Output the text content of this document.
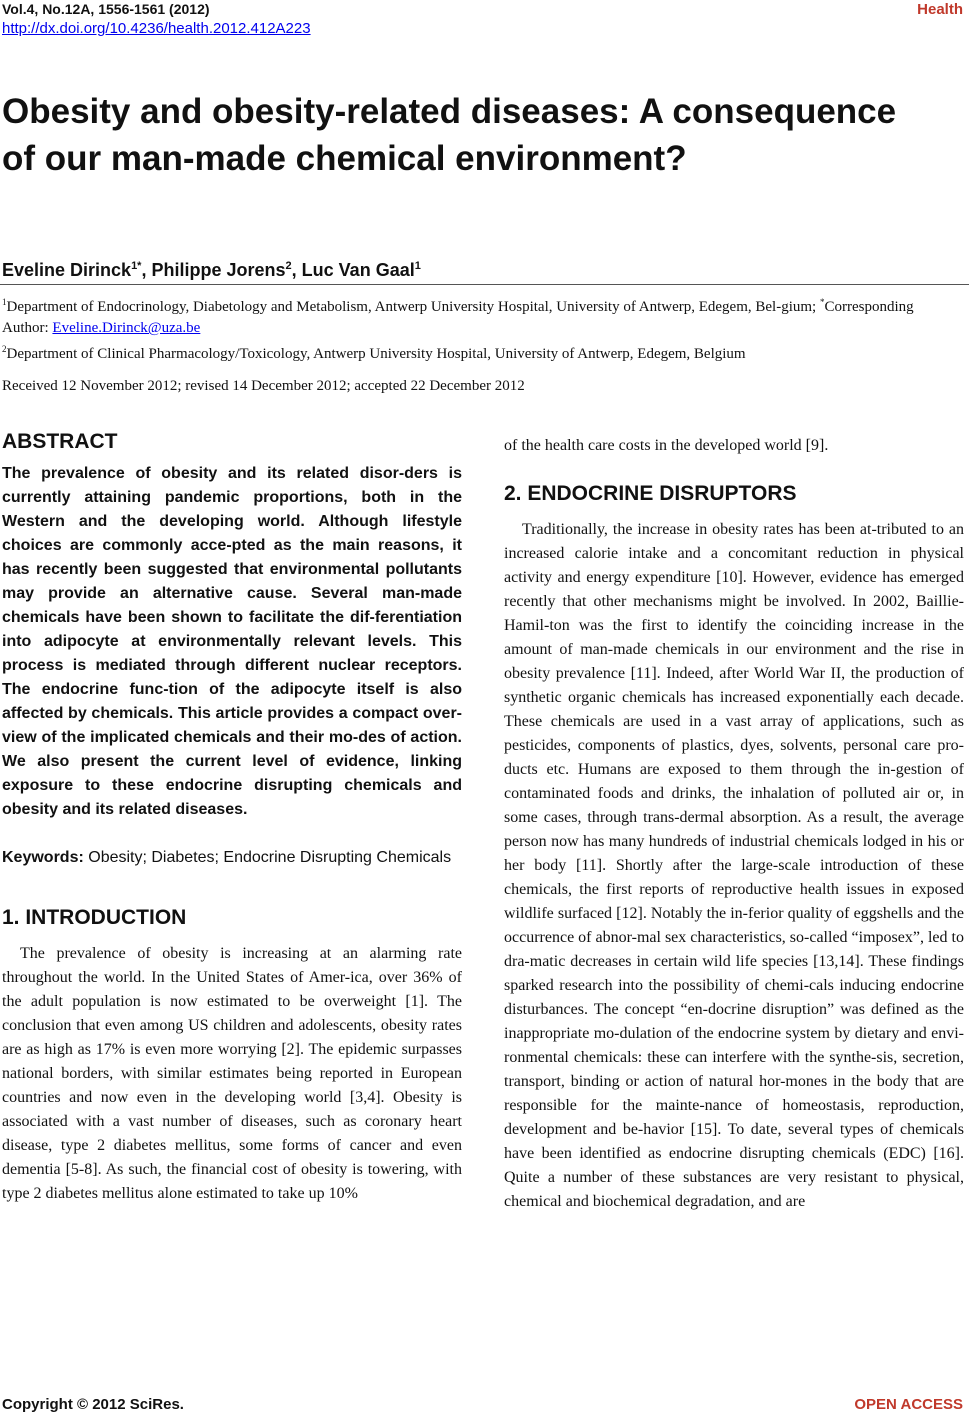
Vol.4, No.12A, 1556-1561 (2012)
http://dx.doi.org/10.4236/health.2012.412A223
Health
Obesity and obesity-related diseases: A consequence of our man-made chemical environment?
Eveline Dirinck$^{1*}$, Philippe Jorens$^2$, Luc Van Gaal$^1$
$^1$Department of Endocrinology, Diabetology and Metabolism, Antwerp University Hospital, University of Antwerp, Edegem, Bel-gium; *Corresponding Author: Eveline.Dirinck@uza.be
$^2$Department of Clinical Pharmacology/Toxicology, Antwerp University Hospital, University of Antwerp, Edegem, Belgium
Received 12 November 2012; revised 14 December 2012; accepted 22 December 2012
ABSTRACT

The prevalence of obesity and its related disor-ders is currently attaining pandemic proportions, both in the Western and the developing world. Although lifestyle choices are commonly acce-pted as the main reasons, it has recently been suggested that environmental pollutants may provide an alternative cause. Several man-made chemicals have been shown to facilitate the dif-ferentiation into adipocyte at environmentally relevant levels. This process is mediated through different nuclear receptors. The endocrine func-tion of the adipocyte itself is also affected by chemicals. This article provides a compact over-view of the implicated chemicals and their mo-des of action. We also present the current level of evidence, linking exposure to these endocrine disrupting chemicals and obesity and its related diseases.

Keywords: Obesity; Diabetes; Endocrine Disrupting Chemicals

1. INTRODUCTION

The prevalence of obesity is increasing at an alarming rate throughout the world. In the United States of Amer-ica, over 36% of the adult population is now estimated to be overweight [1]. The conclusion that even among US children and adolescents, obesity rates are as high as 17% is even more worrying [2]. The epidemic surpasses national borders, with similar estimates being reported in European countries and now even in the developing world [3,4]. Obesity is associated with a vast number of diseases, such as coronary heart disease, type 2 diabetes mellitus, some forms of cancer and even dementia [5-8]. As such, the financial cost of obesity is towering, with type 2 diabetes mellitus alone estimated to take up 10%

of the health care costs in the developed world [9].

2. ENDOCRINE DISRUPTORS

Traditionally, the increase in obesity rates has been at-tributed to an increased calorie intake and a concomitant reduction in physical activity and energy expenditure [10]. However, evidence has emerged recently that other mechanisms might be involved. In 2002, Baillie-Hamil-ton was the first to identify the coinciding increase in the amount of man-made chemicals in our environment and the rise in obesity prevalence [11]. Indeed, after World War II, the production of synthetic organic chemicals has increased exponentially each decade. These chemicals are used in a vast array of applications, such as pesticides, components of plastics, dyes, solvents, personal care pro-ducts etc. Humans are exposed to them through the in-gestion of contaminated foods and drinks, the inhalation of polluted air or, in some cases, through trans-dermal absorption. As a result, the average person now has many hundreds of industrial chemicals lodged in his or her body [11]. Shortly after the large-scale introduction of these chemicals, the first reports of reproductive health issues in exposed wildlife surfaced [12]. Notably the in-ferior quality of eggshells and the occurrence of abnor-mal sex characteristics, so-called “imposex”, led to dra-matic decreases in certain wild life species [13,14]. These findings sparked research into the possibility of chemi-cals inducing endocrine disturbances. The concept “en-docrine disruption” was defined as the inappropriate mo-dulation of the endocrine system by dietary and envi-ronmental chemicals: these can interfere with the synthe-sis, secretion, transport, binding or action of natural hor-mones in the body that are responsible for the mainte-nance of homeostasis, reproduction, development and be-havior [15]. To date, several types of chemicals have been identified as endocrine disrupting chemicals (EDC) [16]. Quite a number of these substances are very resistant to physical, chemical and biochemical degradation, and are

Copyright © 2012 SciRes.	OPEN ACCESS
